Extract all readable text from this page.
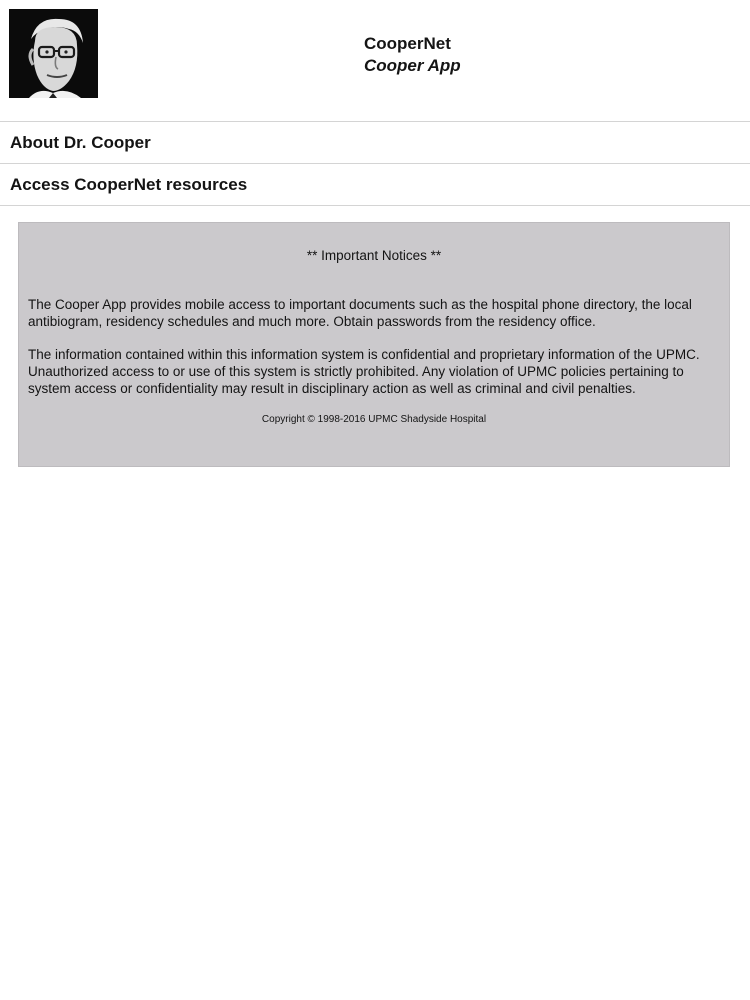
CooperNet

Cooper App

About Dr. Cooper
Access CooperNet resources

** Important Notices **

The Cooper App provides mobile access to important documents such as the hospital phone directory, the local antibiogram, residency schedules and much more. Obtain passwords from the residency office.

The information contained within this information system is confidential and proprietary information of the UPMC. Unauthorized access to or use of this system is strictly prohibited. Any violation of UPMC policies pertaining to system access or confidentiality may result in disciplinary action as well as criminal and civil penalties.

Copyright © 1998-2016 UPMC Shadyside Hospital
